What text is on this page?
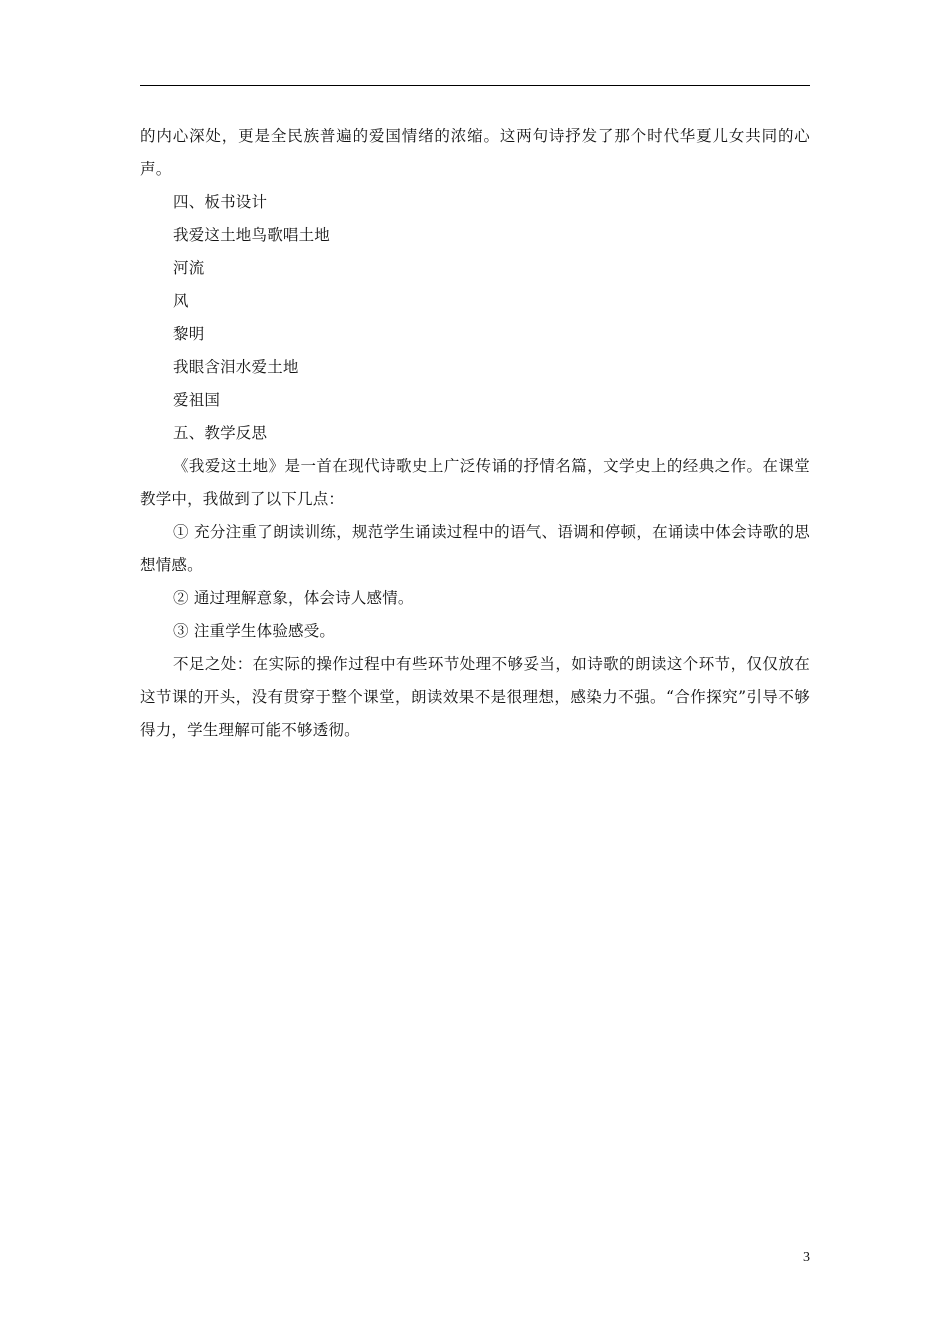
的内心深处，更是全民族普遍的爱国情绪的浓缩。这两句诗抒发了那个时代华夏儿女共同的心声。

四、板书设计

我爱这土地鸟歌唱土地

河流

风

黎明

我眼含泪水爱土地

爱祖国

五、教学反思

《我爱这土地》是一首在现代诗歌史上广泛传诵的抒情名篇，文学史上的经典之作。在课堂教学中，我做到了以下几点：

① 充分注重了朗读训练，规范学生诵读过程中的语气、语调和停顿，在诵读中体会诗歌的思想情感。

② 通过理解意象，体会诗人感情。

③ 注重学生体验感受。

不足之处：在实际的操作过程中有些环节处理不够妥当，如诗歌的朗读这个环节，仅仅放在这节课的开头，没有贯穿于整个课堂，朗读效果不是很理想，感染力不强。“合作探究”引导不够得力，学生理解可能不够透彻。

3
